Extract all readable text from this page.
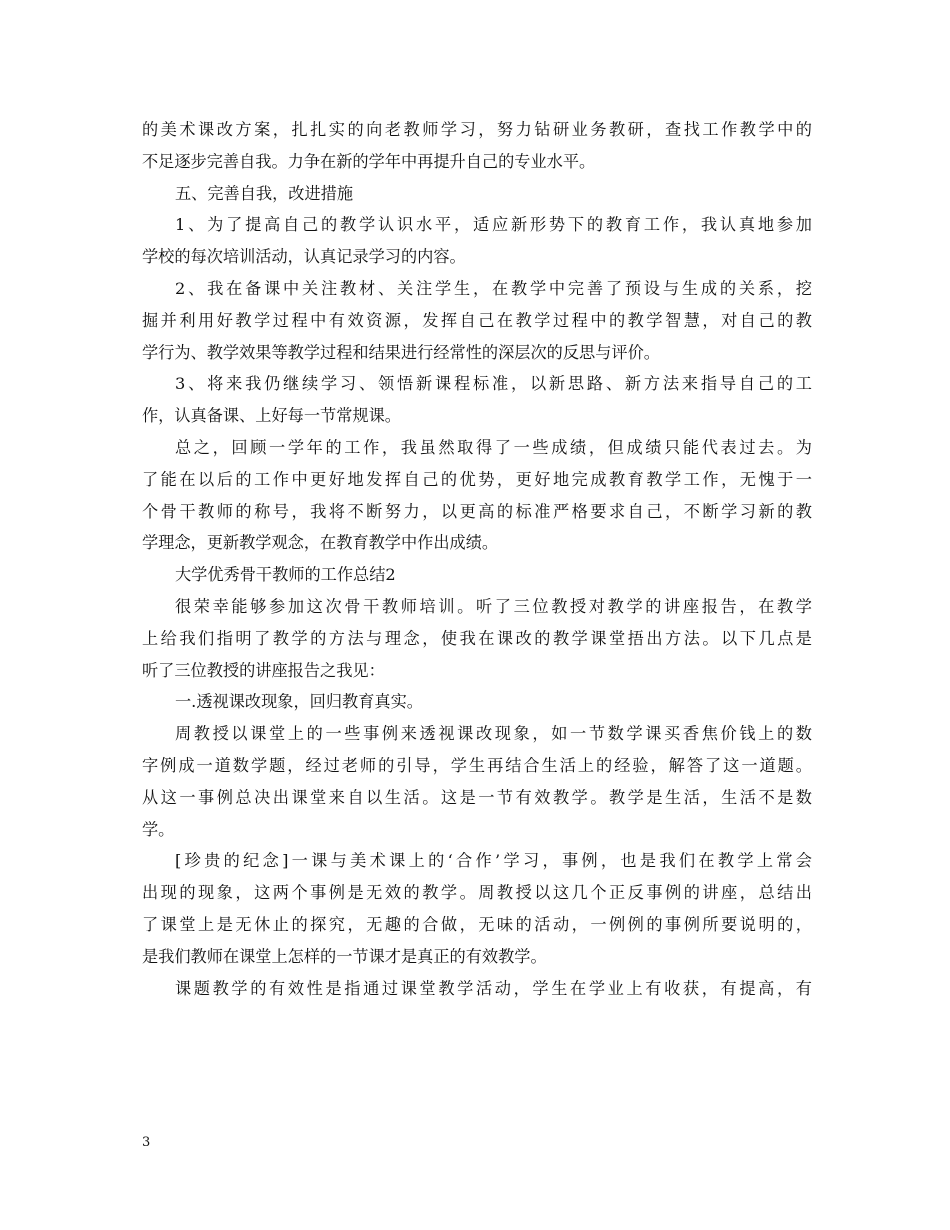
的美术课改方案，扎扎实的向老教师学习，努力钻研业务教研，查找工作教学中的
不足逐步完善自我。力争在新的学年中再提升自己的专业水平。
五、完善自我，改进措施
1、为了提高自己的教学认识水平，适应新形势下的教育工作，我认真地参加
学校的每次培训活动，认真记录学习的内容。
2、我在备课中关注教材、关注学生，在教学中完善了预设与生成的关系，挖
掘并利用好教学过程中有效资源，发挥自己在教学过程中的教学智慧，对自己的教
学行为、教学效果等教学过程和结果进行经常性的深层次的反思与评价。
3、将来我仍继续学习、领悟新课程标准，以新思路、新方法来指导自己的工
作，认真备课、上好每一节常规课。
总之，回顾一学年的工作，我虽然取得了一些成绩，但成绩只能代表过去。为
了能在以后的工作中更好地发挥自己的优势，更好地完成教育教学工作，无愧于一
个骨干教师的称号，我将不断努力，以更高的标准严格要求自己，不断学习新的教
学理念，更新教学观念，在教育教学中作出成绩。
大学优秀骨干教师的工作总结2
很荣幸能够参加这次骨干教师培训。听了三位教授对教学的讲座报告，在教学
上给我们指明了教学的方法与理念，使我在课改的教学课堂捂出方法。以下几点是
听了三位教授的讲座报告之我见：
一.透视课改现象，回归教育真实。
周教授以课堂上的一些事例来透视课改现象，如一节数学课买香焦价钱上的数
字例成一道数学题，经过老师的引导，学生再结合生活上的经验，解答了这一道题。
从这一事例总决出课堂来自以生活。这是一节有效教学。教学是生活，生活不是数
学。
[珍贵的纪念]一课与美术课上的‘合作’学习，事例，也是我们在教学上常会
出现的现象，这两个事例是无效的教学。周教授以这几个正反事例的讲座，总结出
了课堂上是无休止的探究，无趣的合做，无味的活动，一例例的事例所要说明的，
是我们教师在课堂上怎样的一节课才是真正的有效教学。
课题教学的有效性是指通过课堂教学活动，学生在学业上有收获，有提高，有
3
